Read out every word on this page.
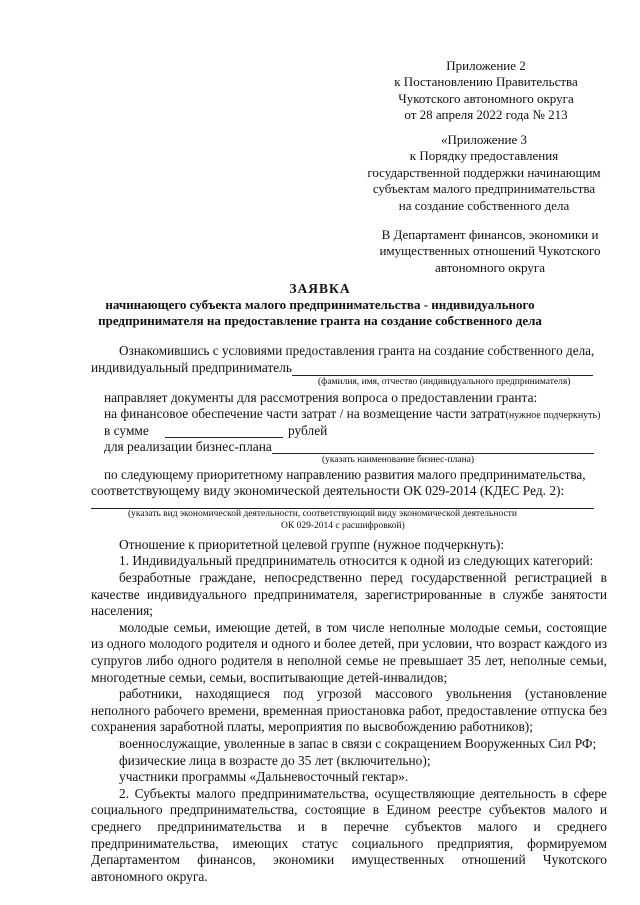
Приложение 2
к Постановлению Правительства
Чукотского автономного округа
от 28 апреля 2022 года № 213
«Приложение 3
к Порядку предоставления
государственной поддержки начинающим
субъектам малого предпринимательства
на создание собственного дела
В Департамент финансов, экономики и
имущественных отношений Чукотского
автономного округа
ЗАЯВКА
начинающего субъекта малого предпринимательства - индивидуального
предпринимателя на предоставление гранта на создание собственного дела
Ознакомившись с условиями предоставления гранта на создание собственного дела,
индивидуальный предприниматель
(фамилия, имя, отчество (индивидуального предпринимателя)
направляет документы для рассмотрения вопроса о предоставлении гранта:
на финансовое обеспечение части затрат / на возмещение части затрат(нужное подчеркнуть)
в сумме	рублей
для реализации бизнес-плана
(указать наименование бизнес-плана)
по следующему приоритетному направлению развития малого предпринимательства,
соответствующему виду экономической деятельности ОК 029-2014 (КДЕС Ред. 2):
(указать вид экономической деятельности, соответствующий виду экономической деятельности
ОК 029-2014 с расшифровкой)
Отношение к приоритетной целевой группе (нужное подчеркнуть):
1. Индивидуальный предприниматель относится к одной из следующих категорий:
безработные граждане, непосредственно перед государственной регистрацией в качестве индивидуального предпринимателя, зарегистрированные в службе занятости населения;
молодые семьи, имеющие детей, в том числе неполные молодые семьи, состоящие из одного молодого родителя и одного и более детей, при условии, что возраст каждого из супругов либо одного родителя в неполной семье не превышает 35 лет, неполные семьи, многодетные семьи, семьи, воспитывающие детей-инвалидов;
работники, находящиеся под угрозой массового увольнения (установление неполного рабочего времени, временная приостановка работ, предоставление отпуска без сохранения заработной платы, мероприятия по высвобождению работников);
военнослужащие, уволенные в запас в связи с сокращением Вооруженных Сил РФ;
физические лица в возрасте до 35 лет (включительно);
участники программы «Дальневосточный гектар».
2. Субъекты малого предпринимательства, осуществляющие деятельность в сфере социального предпринимательства, состоящие в Едином реестре субъектов малого и среднего предпринимательства и в перечне субъектов малого и среднего предпринимательства, имеющих статус социального предприятия, формируемом Департаментом финансов, экономики имущественных отношений Чукотского автономного округа.
